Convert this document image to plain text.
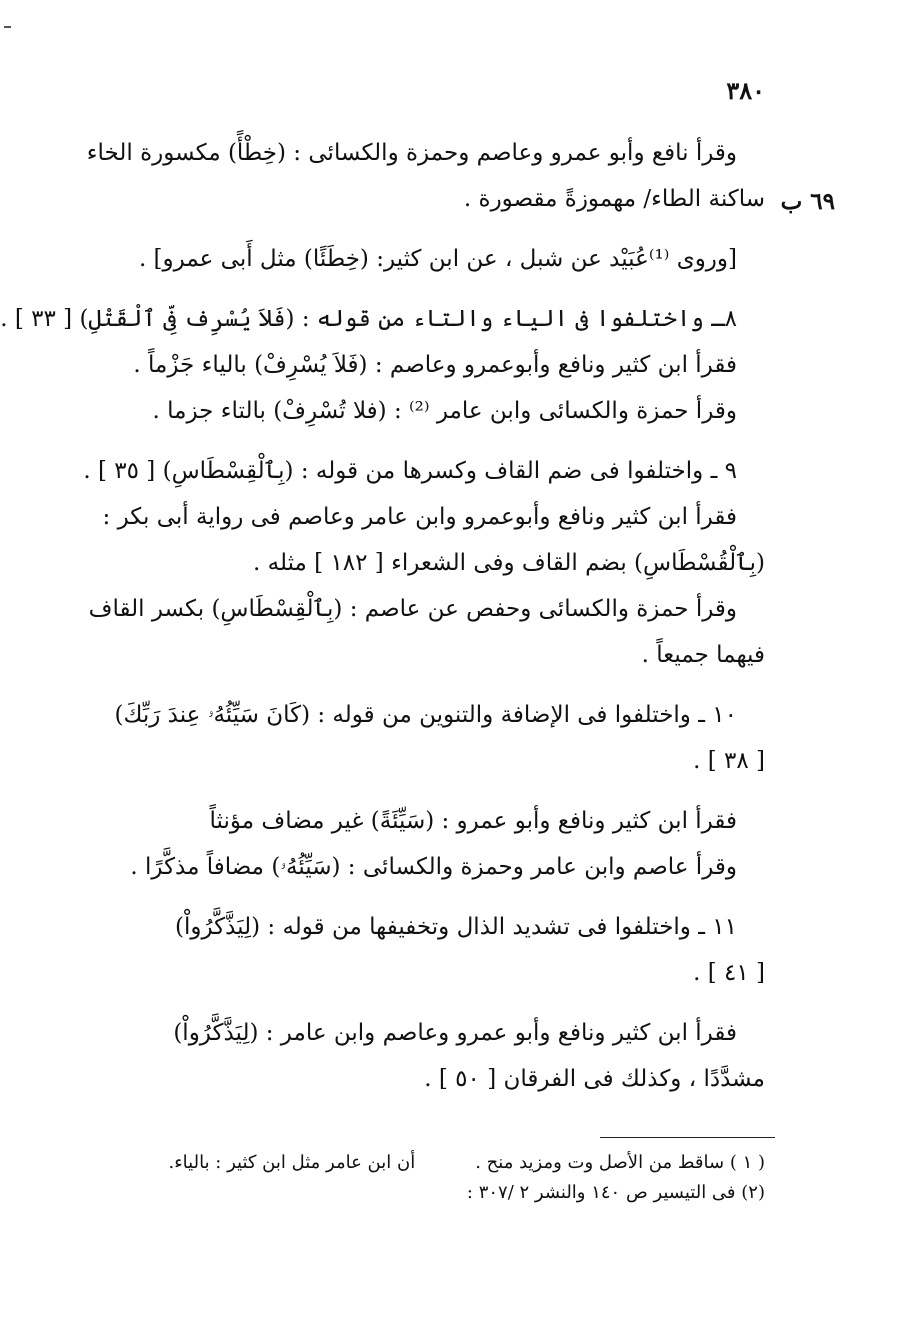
٣٨٠
٦٩ ب
وقرأ نافع وأبو عمرو وعاصم وحمزة والكسائى : (خِطْأً) مكسورة الخاء
ساكنة الطاء/ مهموزةً مقصورة .
[وروى ⁽¹⁾عُبَيْد عن شبل ، عن ابن كثير: (خِطَئًا) مثل أَبى عمرو] .
٨ـ واختلفوا فى الياء والتاء من قوله : (فَلاَ يُسْرِف فِّى ٱلْقَتْلِ) [ ٣٣ ] .
فقرأ ابن كثير ونافع وأبوعمرو وعاصم : (فَلاَ يُسْرِفْ) بالياء جَزْماً .
وقرأ حمزة والكسائى وابن عامر ⁽²⁾ : (فلا تُسْرِفْ) بالتاء جزما .
٩ ـ واختلفوا فى ضم القاف وكسرها من قوله : (بِٱلْقِسْطَاسِ) [ ٣٥ ] .
فقرأ ابن كثير ونافع وأبوعمرو وابن عامر وعاصم فى رواية أبى بكر :
(بِٱلْقُسْطَاسِ) بضم القاف وفى الشعراء [ ١٨٢ ] مثله .
وقرأ حمزة والكسائى وحفص عن عاصم : (بِٱلْقِسْطَاسِ) بكسر القاف
فيهما جميعاً .
١٠ ـ واختلفوا فى الإضافة والتنوين من قوله : (كَانَ سَيِّئُهُۥ عِندَ رَبِّكَ)
[ ٣٨ ] .
فقرأ ابن كثير ونافع وأبو عمرو : (سَيِّئَةً) غير مضاف مؤنثاً
وقرأ عاصم وابن عامر وحمزة والكسائى : (سَيِّئُهُۥ) مضافاً مذكَّرًا .
١١ ـ واختلفوا فى تشديد الذال وتخفيفها من قوله : (لِيَذَّكَّرُواْ)
[ ٤١ ] .
فقرأ ابن كثير ونافع وأبو عمرو وعاصم وابن عامر : (لِيَذَّكَّرُواْ)
مشدَّدًا ، وكذلك فى الفرقان [ ٥٠ ] .
( ١ ) ساقط من الأصل وت ومزيد منح .
أن ابن عامر مثل ابن كثير : بالياء.
(٢) فى التيسير ص ١٤٠ والنشر ٢ /٣٠٧ :
